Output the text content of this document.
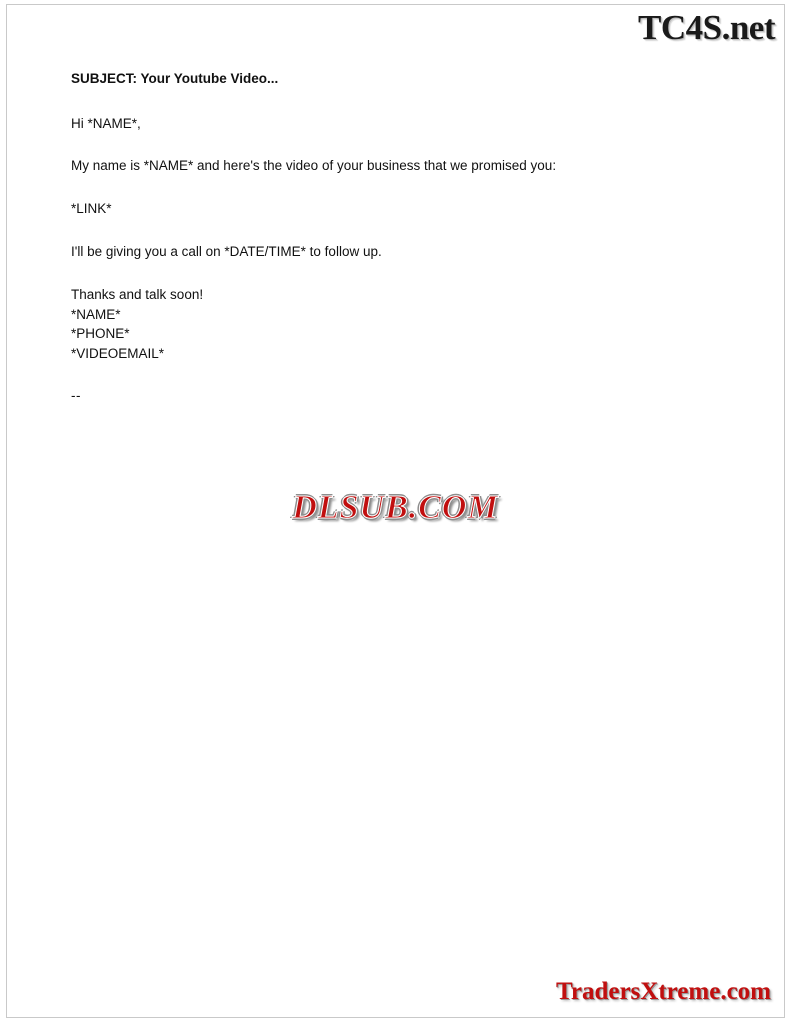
TC4S.net

SUBJECT: Your Youtube Video...

Hi *NAME*,

My name is *NAME* and here's the video of your business that we promised you:

*LINK*

I'll be giving you a call on *DATE/TIME* to follow up.

Thanks and talk soon!
*NAME*
*PHONE*
*VIDEOEMAIL*

--

DLSUB.COM
TradersXtreme.com
